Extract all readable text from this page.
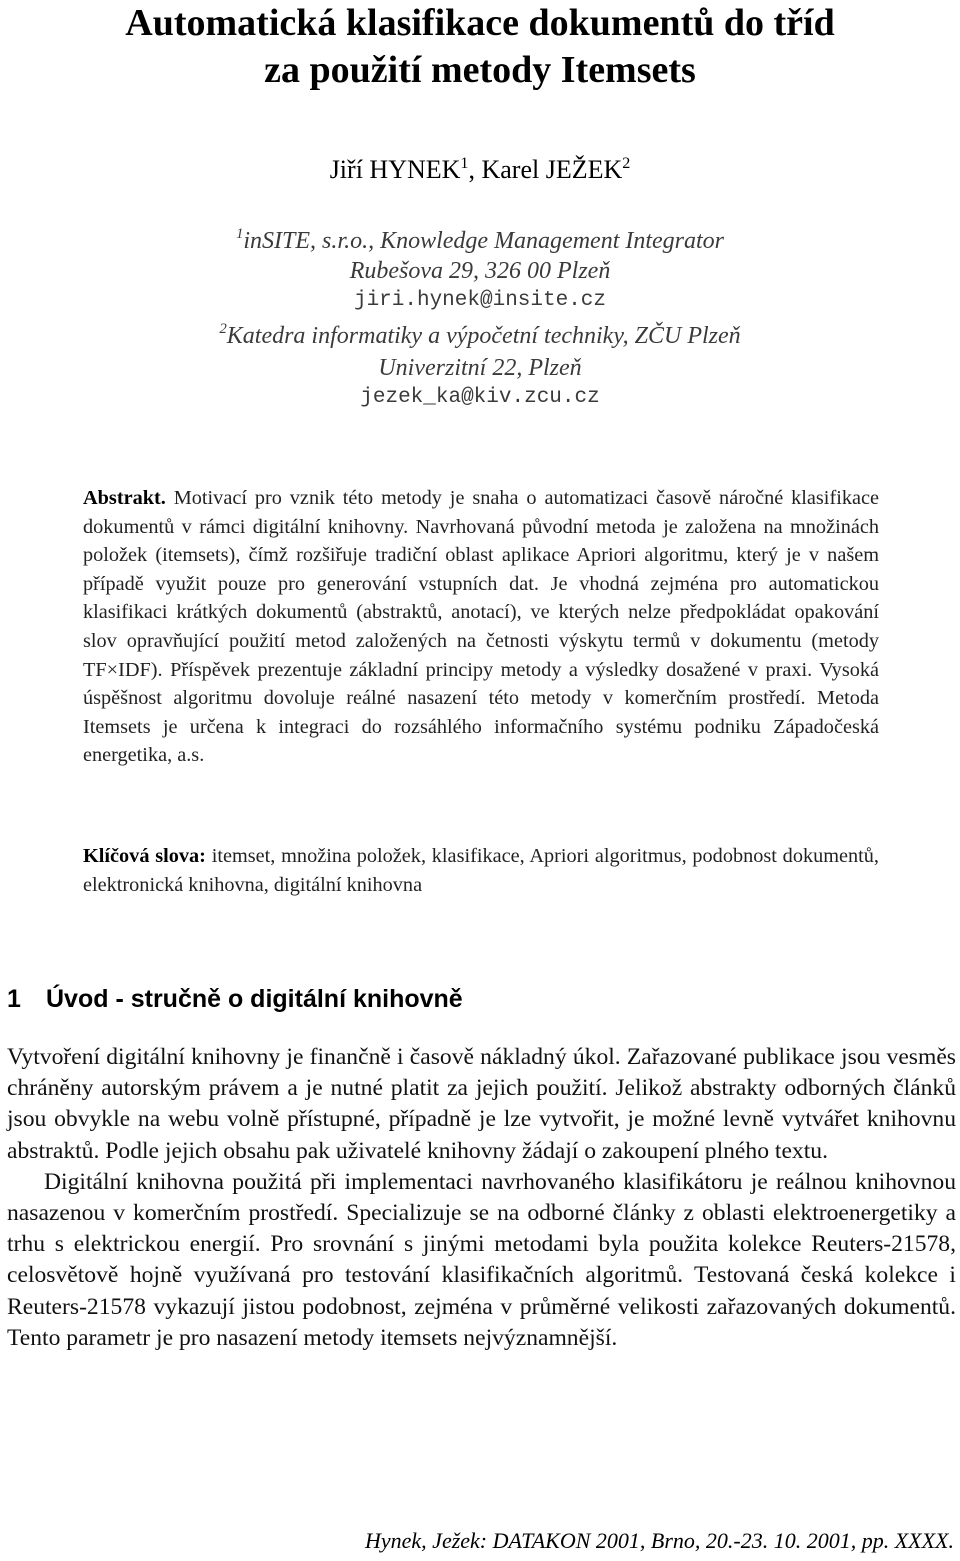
Automatická klasifikace dokumentů do tříd
za použití metody Itemsets
Jiří HYNEK$^1$, Karel JEŽEK$^2$
$^1$inSITE, s.r.o., Knowledge Management Integrator
Rubešova 29, 326 00 Plzeň
jiri.hynek@insite.cz
$^2$Katedra informatiky a výpočetní techniky, ZČU Plzeň
Univerzitní 22, Plzeň
jezek_ka@kiv.zcu.cz
Abstrakt. Motivací pro vznik této metody je snaha o automatizaci časově náročné klasifikace dokumentů v rámci digitální knihovny. Navrhovaná původní metoda je založena na množinách položek (itemsets), čímž rozšiřuje tradiční oblast aplikace Apriori algoritmu, který je v našem případě využit pouze pro generování vstupních dat. Je vhodná zejména pro automatickou klasifikaci krátkých dokumentů (abstraktů, anotací), ve kterých nelze předpokládat opakování slov opravňující použití metod založených na četnosti výskytu termů v dokumentu (metody TF×IDF). Příspěvek prezentuje základní principy metody a výsledky dosažené v praxi. Vysoká úspěšnost algoritmu dovoluje reálné nasazení této metody v komerčním prostředí. Metoda Itemsets je určena k integraci do rozsáhlého informačního systému podniku Západočeská energetika, a.s.
Klíčová slova: itemset, množina položek, klasifikace, Apriori algoritmus, podobnost dokumentů, elektronická knihovna, digitální knihovna
1 Úvod - stručně o digitální knihovně

Vytvoření digitální knihovny je finančně i časově nákladný úkol. Zařazované publikace jsou vesměs chráněny autorským právem a je nutné platit za jejich použití. Jelikož abstrakty odborných článků jsou obvykle na webu volně přístupné, případně je lze vytvořit, je možné levně vytvářet knihovnu abstraktů. Podle jejich obsahu pak uživatelé knihovny žádají o zakoupení plného textu.

Digitální knihovna použitá při implementaci navrhovaného klasifikátoru je reálnou knihovnou nasazenou v komerčním prostředí. Specializuje se na odborné články z oblasti elektroenergetiky a trhu s elektrickou energií. Pro srovnání s jinými metodami byla použita kolekce Reuters-21578, celosvětově hojně využívaná pro testování klasifikačních algoritmů. Testovaná česká kolekce i Reuters-21578 vykazují jistou podobnost, zejména v průměrné velikosti zařazovaných dokumentů. Tento parametr je pro nasazení metody itemsets nejvýznamnější.

Hynek, Ježek: DATAKON 2001, Brno, 20.-23. 10. 2001, pp. XXXX.
